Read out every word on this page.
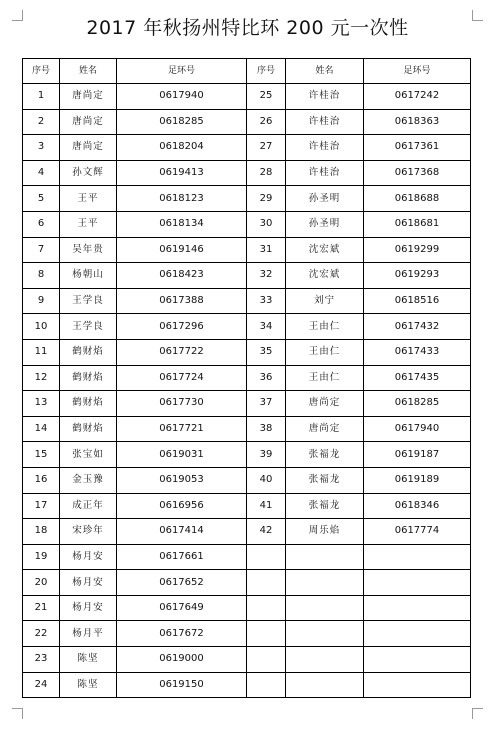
2017 年秋扬州特比环 200 元一次性
序号	姓名	足环号	序号	姓名	足环号
1	唐尚定	0617940	25	许桂治	0617242
2	唐尚定	0618285	26	许桂治	0618363
3	唐尚定	0618204	27	许桂治	0617361
4	孙文辉	0619413	28	许桂治	0617368
5	王平	0618123	29	孙圣明	0618688
6	王平	0618134	30	孙圣明	0618681
7	吴年贵	0619146	31	沈宏斌	0619299
8	杨朝山	0618423	32	沈宏斌	0619293
9	王学良	0617388	33	刘宁	0618516
10	王学良	0617296	34	王由仁	0617432
11	鹤财焰	0617722	35	王由仁	0617433
12	鹤财焰	0617724	36	王由仁	0617435
13	鹤财焰	0617730	37	唐尚定	0618285
14	鹤财焰	0617721	38	唐尚定	0617940
15	张宝如	0619031	39	张福龙	0619187
16	金玉豫	0619053	40	张福龙	0619189
17	成正年	0616956	41	张福龙	0618346
18	宋珍年	0617414	42	周乐焰	0617774
19	杨月安	0617661			
20	杨月安	0617652			
21	杨月安	0617649			
22	杨月平	0617672			
23	陈坚	0619000			
24	陈坚	0619150			
